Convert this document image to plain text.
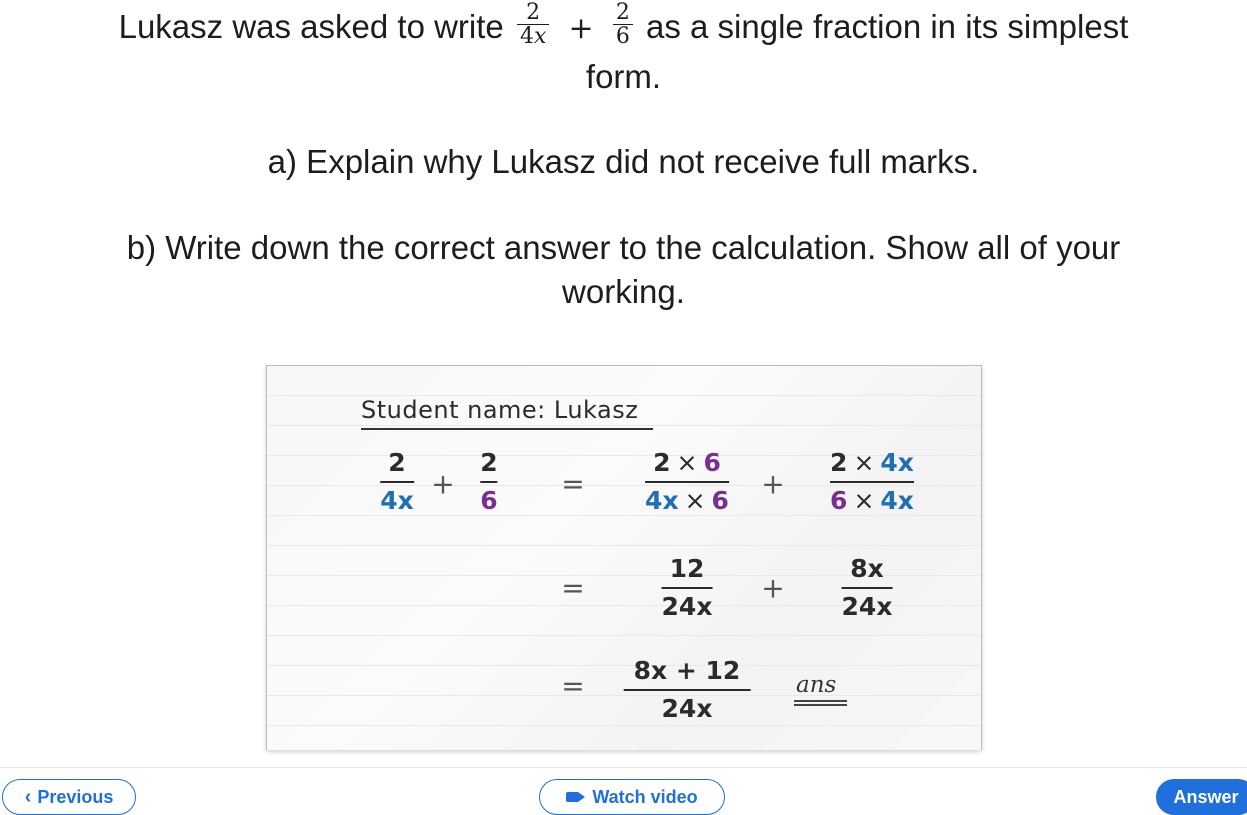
Lukasz was asked to write $\frac{2}{4x} + \frac{2}{6}$ as a single fraction in its simplest
form.
a) Explain why Lukasz did not receive full marks.
b) Write down the correct answer to the calculation. Show all of your
working.
Student name: Lukasz
2
4x +
2
6 =
2 × 6
4x × 6 +
2 × 4x
6 × 4x
=
12
24x
+
8x
24x
=	8x + 12
24x
ans
‹ Previous	Watch video	Answer
